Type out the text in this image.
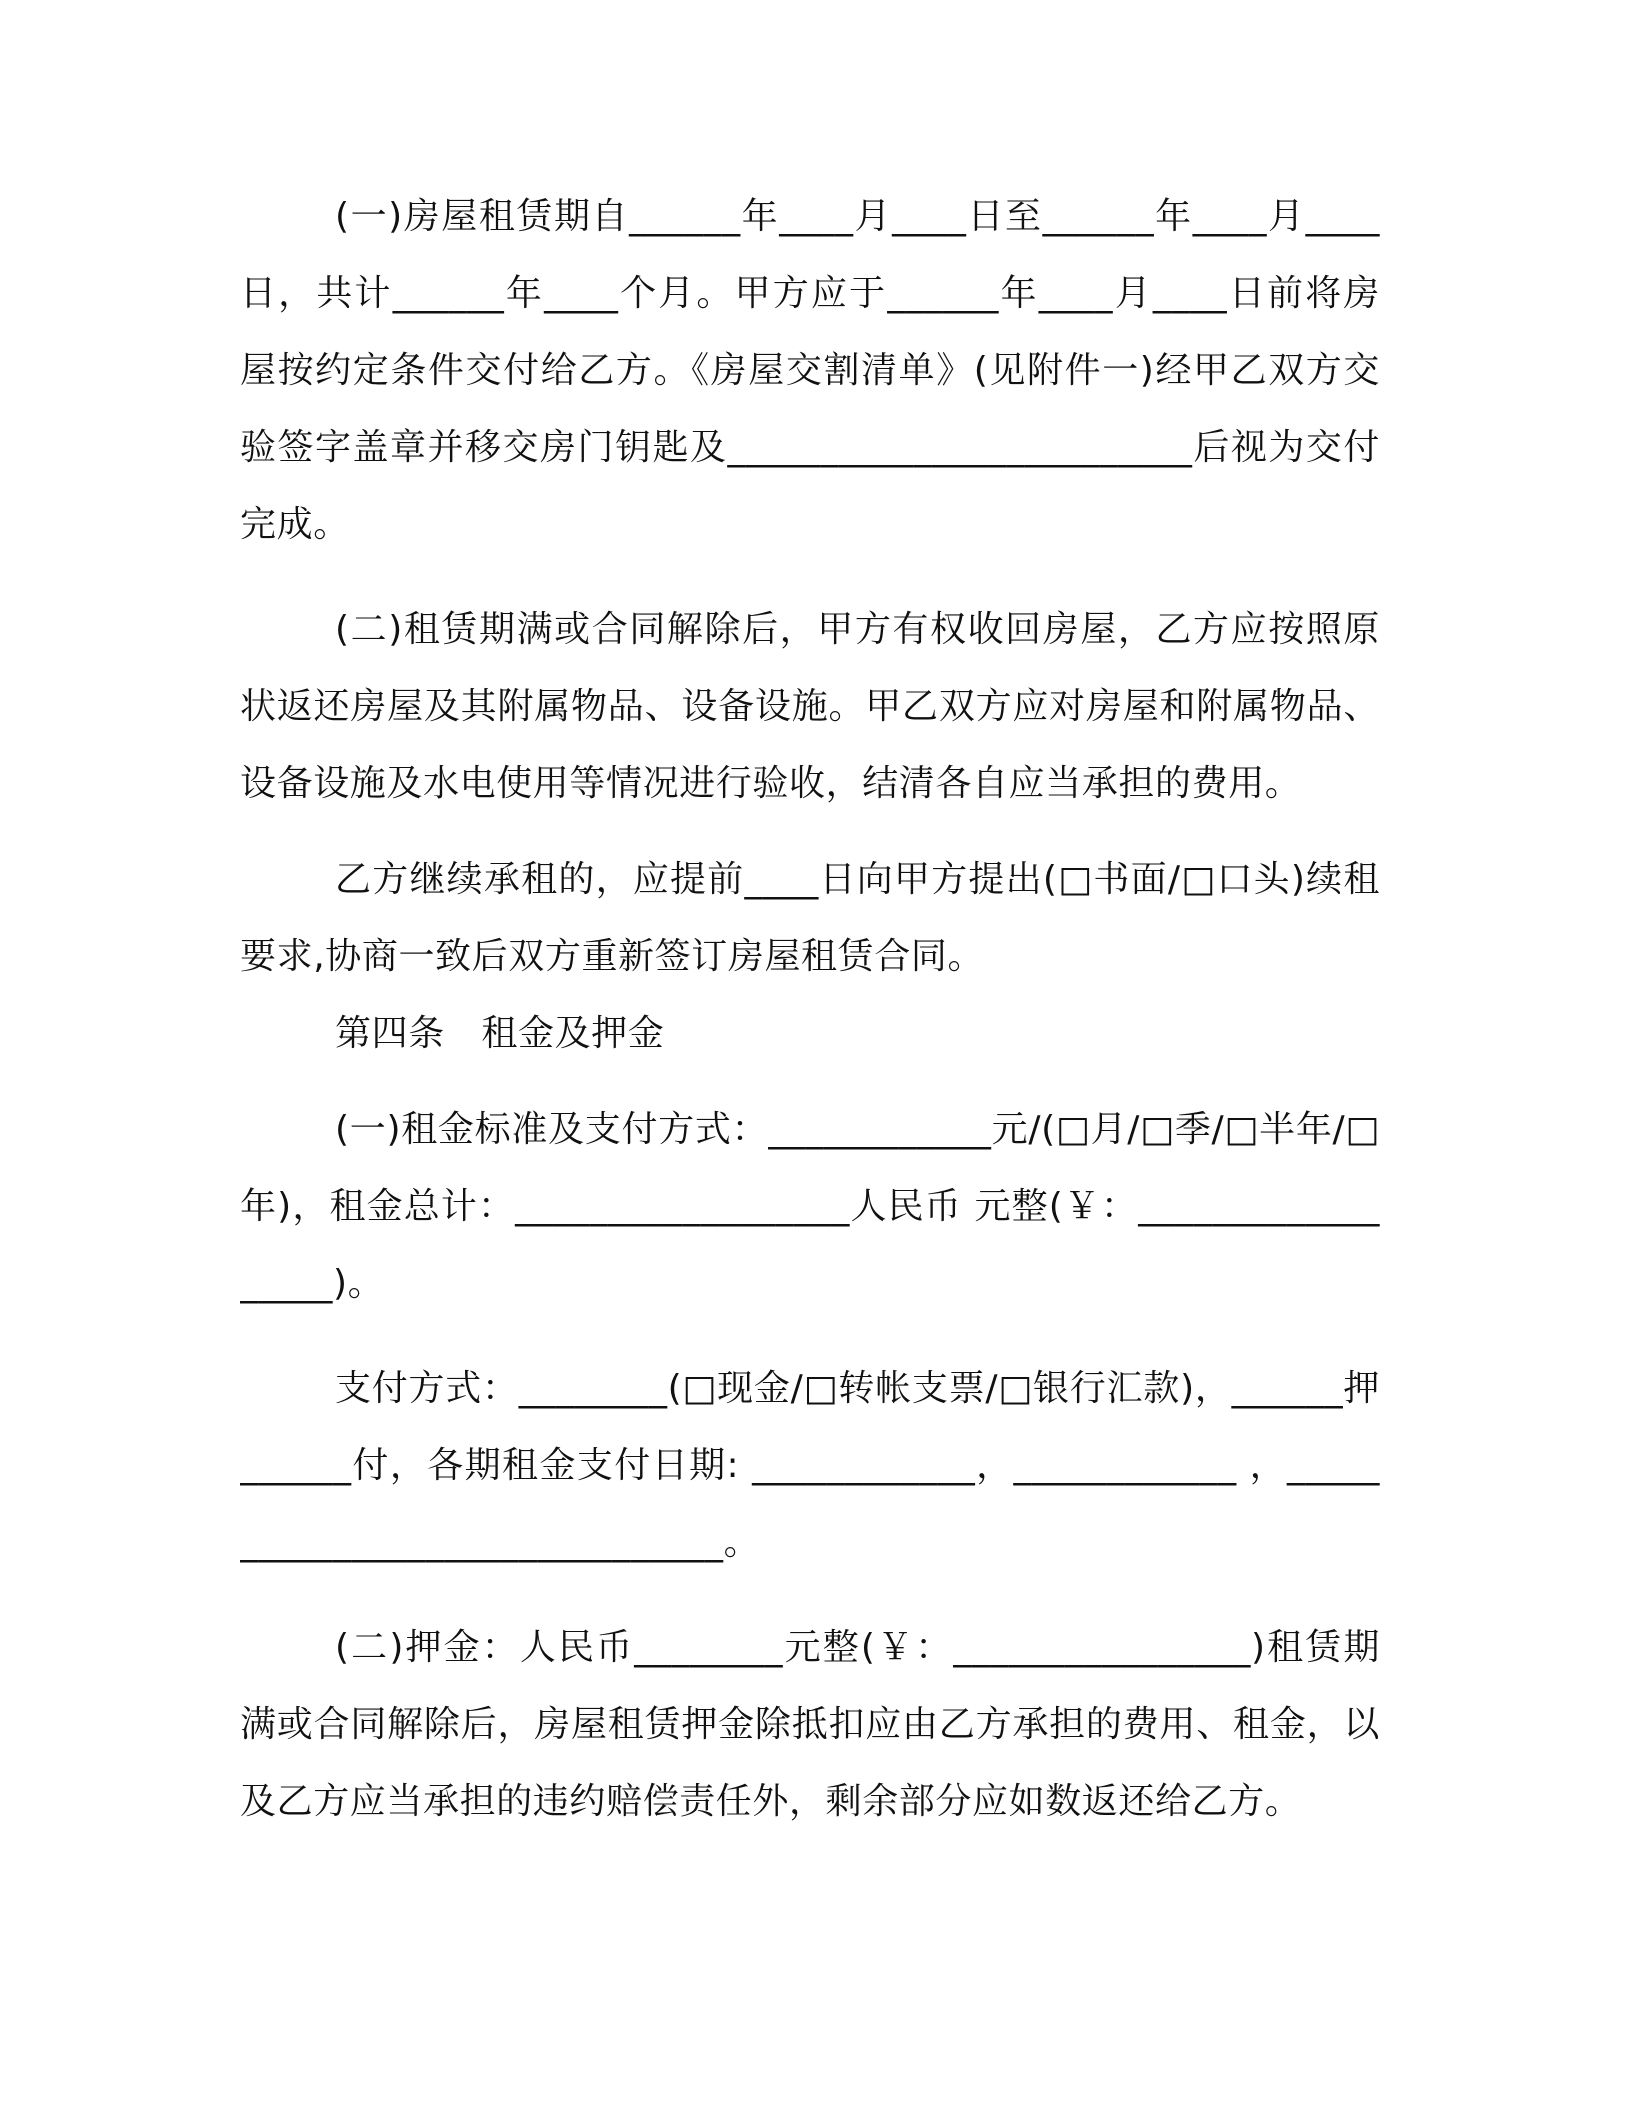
(一)房屋租赁期自______年____月____日至______年____月____日，共计______年____个月。甲方应于______年____月____日前将房屋按约定条件交付给乙方。《房屋交割清单》(见附件一)经甲乙双方交验签字盖章并移交房门钥匙及_________________________后视为交付完成。

(二)租赁期满或合同解除后，甲方有权收回房屋，乙方应按照原状返还房屋及其附属物品、设备设施。甲乙双方应对房屋和附属物品、设备设施及水电使用等情况进行验收，结清各自应当承担的费用。

乙方继续承租的，应提前____日向甲方提出(□书面/□口头)续租要求,协商一致后双方重新签订房屋租赁合同。

第四条　租金及押金

(一)租金标准及支付方式：____________元/(□月/□季/□半年/□年)，租金总计：__________________人民币 元整(￥：__________________)。

支付方式：________(□现金/□转帐支票/□银行汇款)，______押 ______付，各期租金支付日期: ____________，____________ ，_______________________________。

(二)押金：人民币________元整(￥：________________)租赁期满或合同解除后，房屋租赁押金除抵扣应由乙方承担的费用、租金，以及乙方应当承担的违约赔偿责任外，剩余部分应如数返还给乙方。
